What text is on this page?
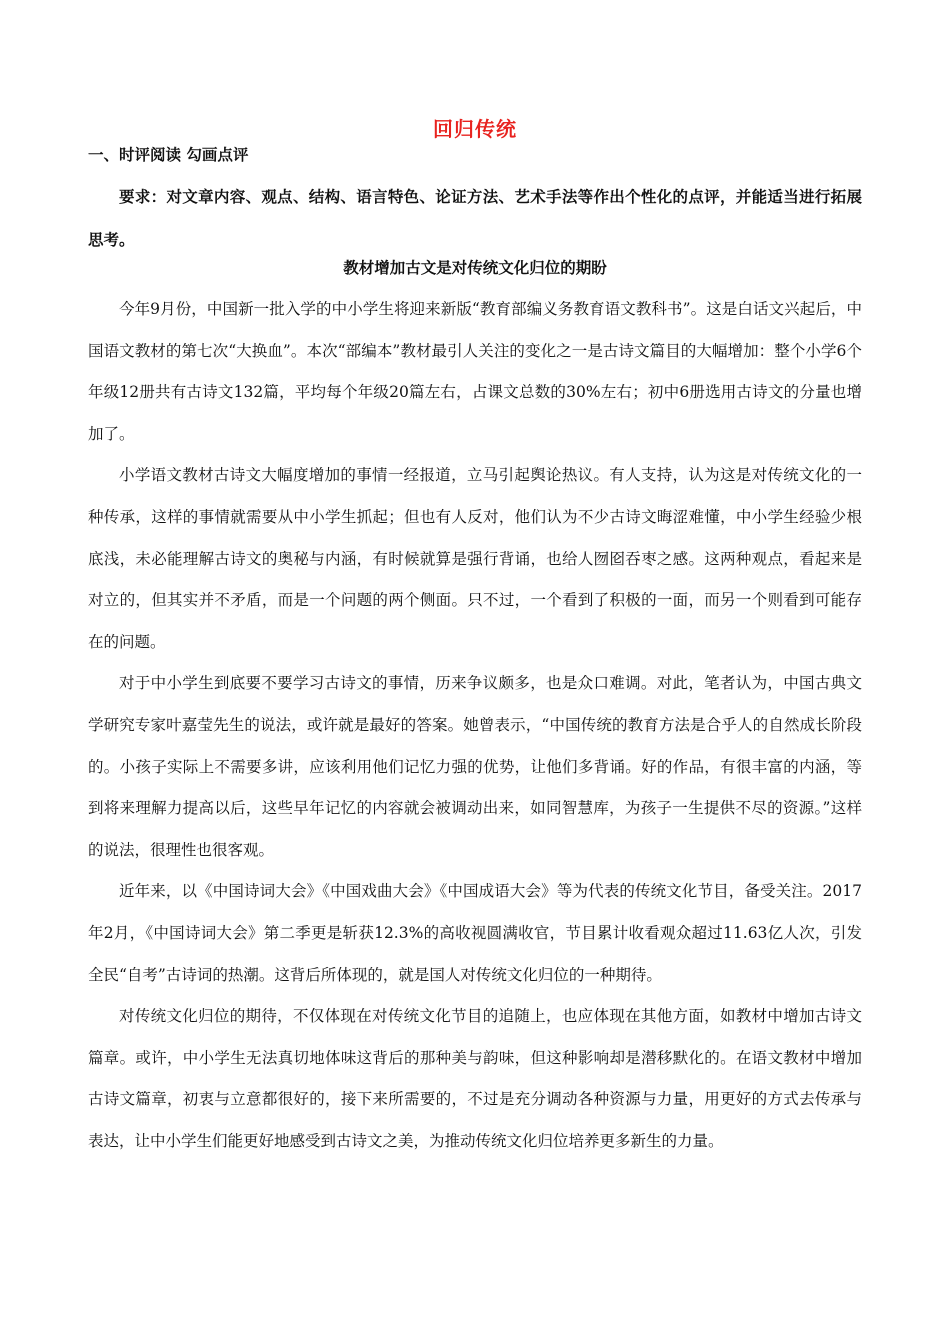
回归传统
一、时评阅读 勾画点评
要求：对文章内容、观点、结构、语言特色、论证方法、艺术手法等作出个性化的点评，并能适当进行拓展思考。
教材增加古文是对传统文化归位的期盼

今年9月份，中国新一批入学的中小学生将迎来新版“教育部编义务教育语文教科书”。这是白话文兴起后，中国语文教材的第七次“大换血”。本次“部编本”教材最引人关注的变化之一是古诗文篇目的大幅增加：整个小学6个年级12册共有古诗文132篇，平均每个年级20篇左右，占课文总数的30%左右；初中6册选用古诗文的分量也增加了。

小学语文教材古诗文大幅度增加的事情一经报道，立马引起舆论热议。有人支持，认为这是对传统文化的一种传承，这样的事情就需要从中小学生抓起；但也有人反对，他们认为不少古诗文晦涩难懂，中小学生经验少根底浅，未必能理解古诗文的奥秘与内涵，有时候就算是强行背诵，也给人囫囵吞枣之感。这两种观点，看起来是对立的，但其实并不矛盾，而是一个问题的两个侧面。只不过，一个看到了积极的一面，而另一个则看到可能存在的问题。

对于中小学生到底要不要学习古诗文的事情，历来争议颇多，也是众口难调。对此，笔者认为，中国古典文学研究专家叶嘉莹先生的说法，或许就是最好的答案。她曾表示，“中国传统的教育方法是合乎人的自然成长阶段的。小孩子实际上不需要多讲，应该利用他们记忆力强的优势，让他们多背诵。好的作品，有很丰富的内涵，等到将来理解力提高以后，这些早年记忆的内容就会被调动出来，如同智慧库，为孩子一生提供不尽的资源。”这样的说法，很理性也很客观。

近年来，以《中国诗词大会》《中国戏曲大会》《中国成语大会》等为代表的传统文化节目，备受关注。2017年2月，《中国诗词大会》第二季更是斩获12.3%的高收视圆满收官，节目累计收看观众超过11.63亿人次，引发全民“自考”古诗词的热潮。这背后所体现的，就是国人对传统文化归位的一种期待。

对传统文化归位的期待，不仅体现在对传统文化节目的追随上，也应体现在其他方面，如教材中增加古诗文篇章。或许，中小学生无法真切地体味这背后的那种美与韵味，但这种影响却是潜移默化的。在语文教材中增加古诗文篇章，初衷与立意都很好的，接下来所需要的，不过是充分调动各种资源与力量，用更好的方式去传承与表达，让中小学生们能更好地感受到古诗文之美，为推动传统文化归位培养更多新生的力量。
